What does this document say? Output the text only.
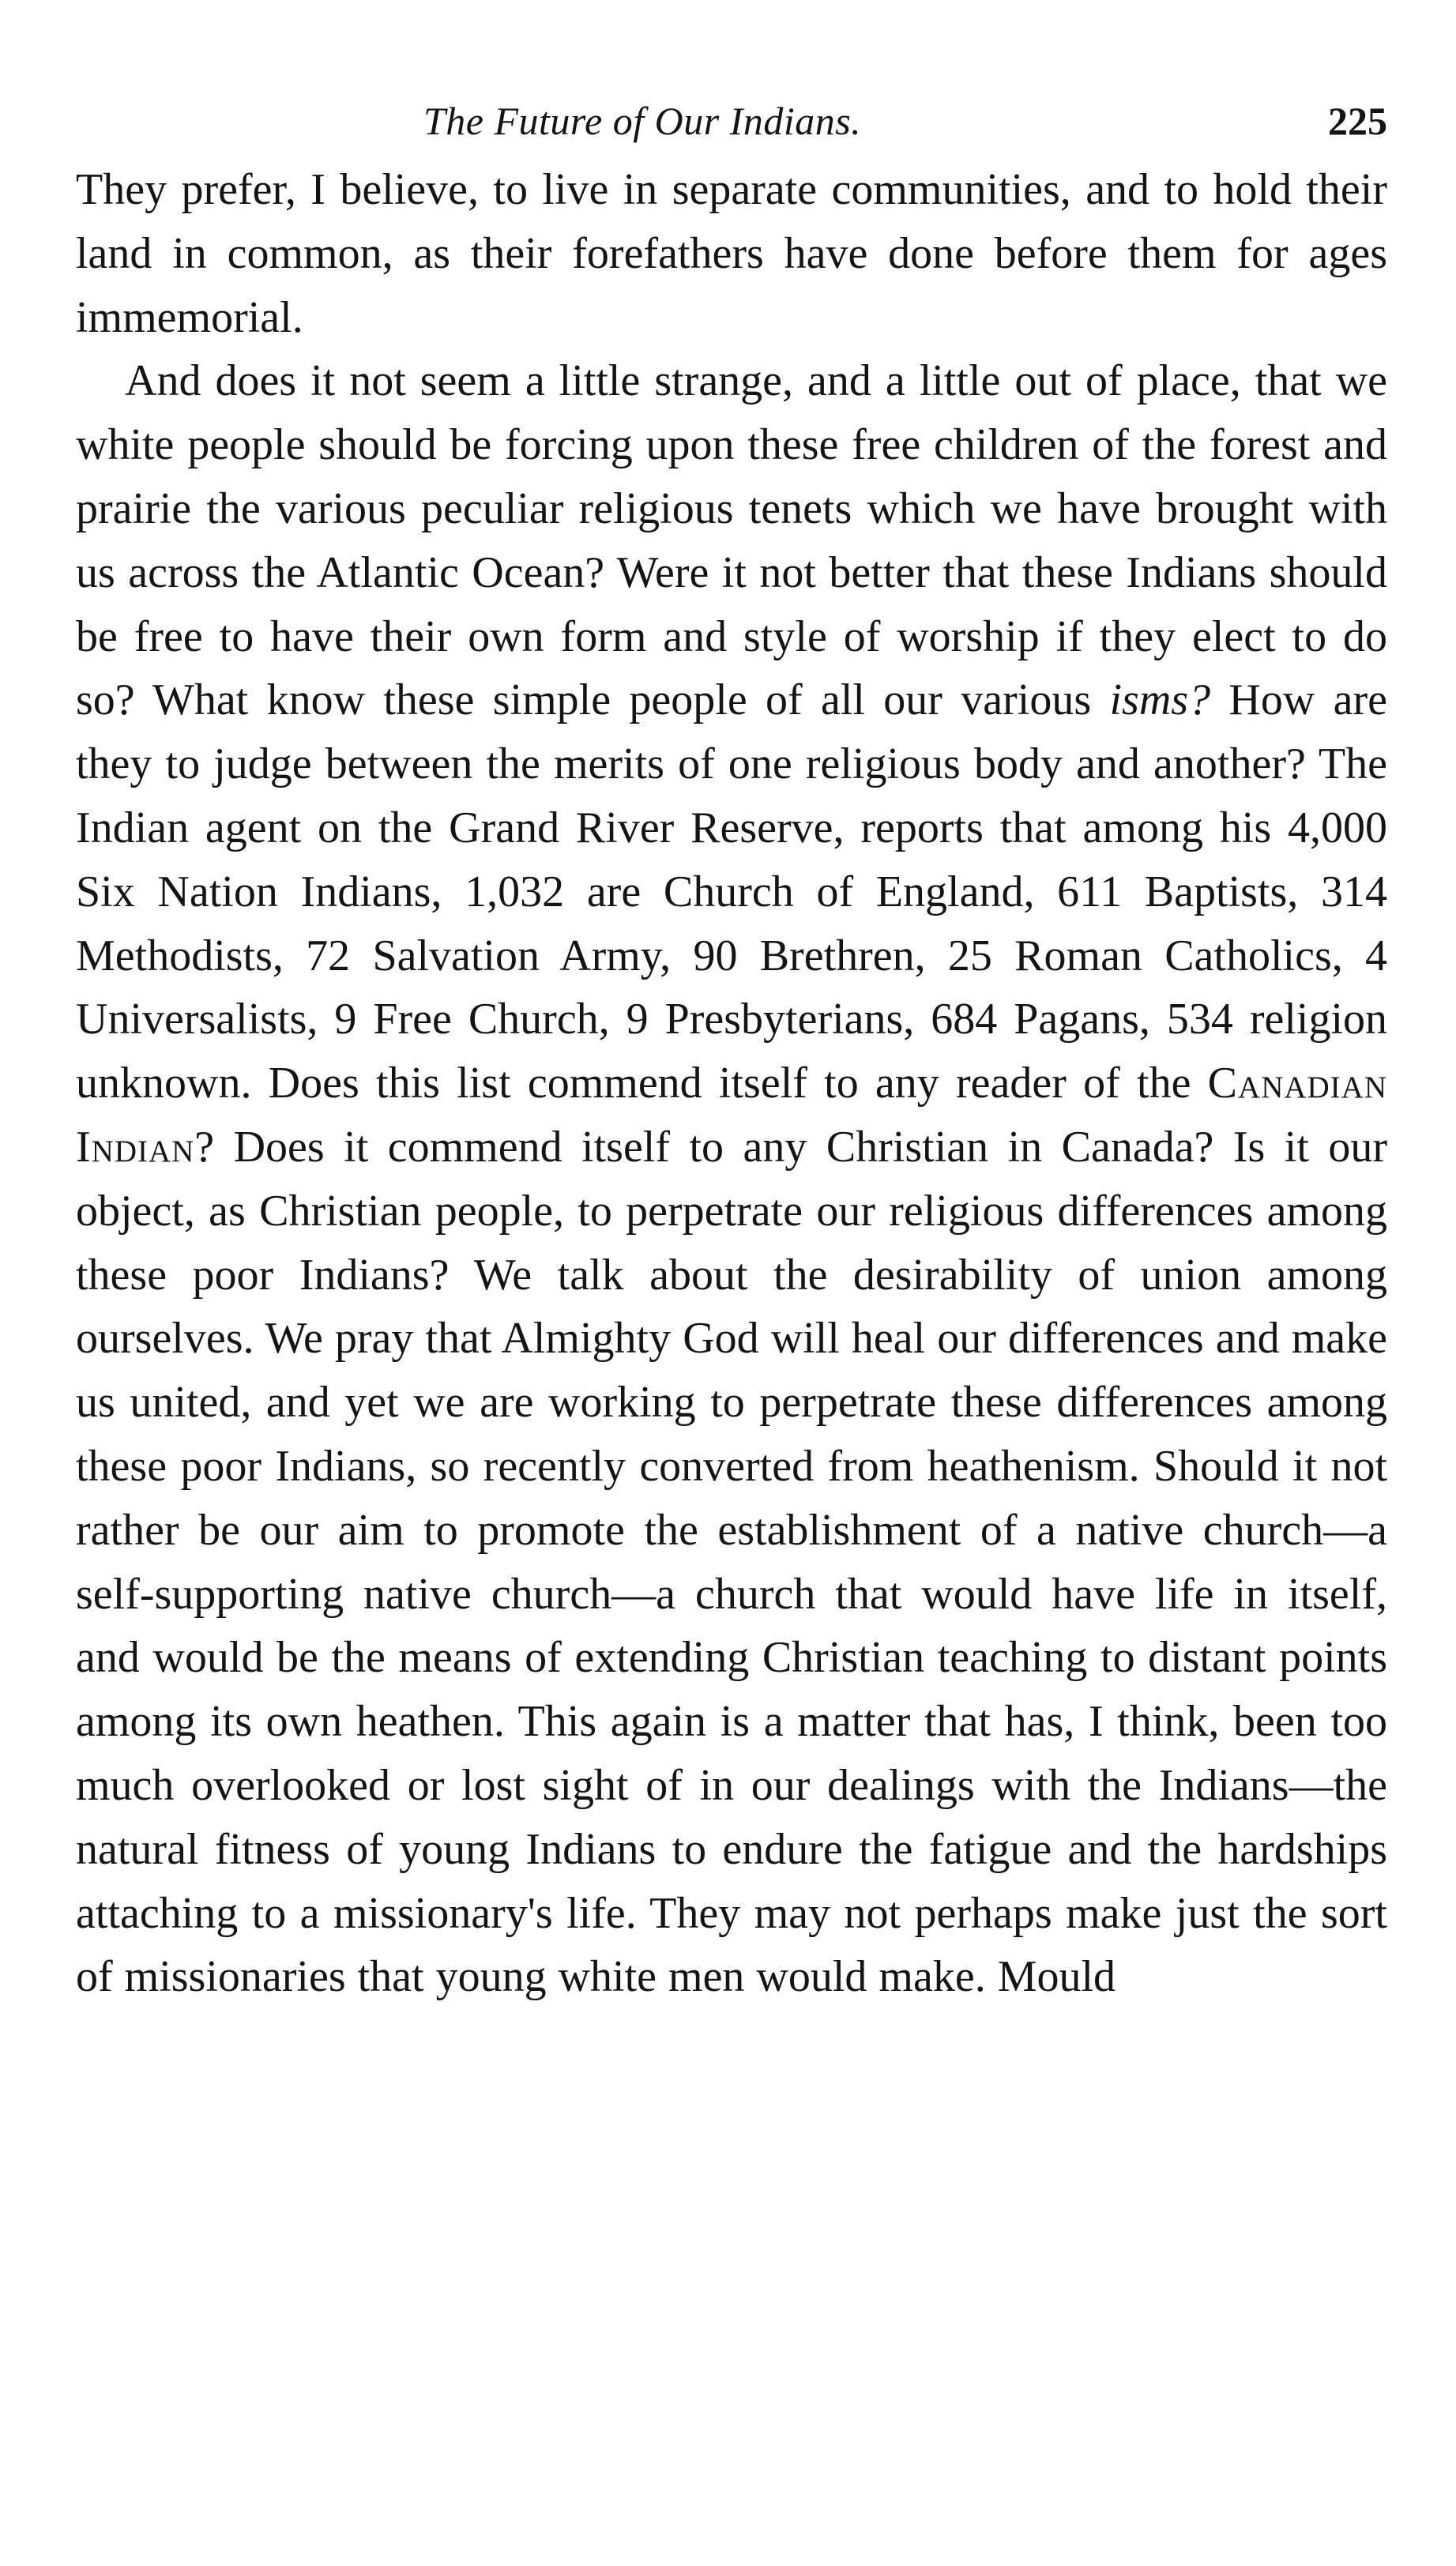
The Future of Our Indians.	225

They prefer, I believe, to live in separate communities, and to hold their land in common, as their forefathers have done before them for ages immemorial.

And does it not seem a little strange, and a little out of place, that we white people should be forcing upon these free children of the forest and prairie the various peculiar religious tenets which we have brought with us across the Atlantic Ocean? Were it not better that these Indians should be free to have their own form and style of worship if they elect to do so? What know these simple people of all our various isms? How are they to judge between the merits of one religious body and another? The Indian agent on the Grand River Reserve, reports that among his 4,000 Six Nation Indians, 1,032 are Church of England, 611 Baptists, 314 Methodists, 72 Salvation Army, 90 Brethren, 25 Roman Catholics, 4 Universalists, 9 Free Church, 9 Presbyterians, 684 Pagans, 534 religion unknown. Does this list commend itself to any reader of the Canadian Indian? Does it commend itself to any Christian in Canada? Is it our object, as Christian people, to perpetrate our religious differences among these poor Indians? We talk about the desirability of union among ourselves. We pray that Almighty God will heal our differences and make us united, and yet we are working to perpetrate these differences among these poor Indians, so recently converted from heathenism. Should it not rather be our aim to promote the establishment of a native church—a self-supporting native church—a church that would have life in itself, and would be the means of extending Christian teaching to distant points among its own heathen. This again is a matter that has, I think, been too much overlooked or lost sight of in our dealings with the Indians—the natural fitness of young Indians to endure the fatigue and the hardships attaching to a missionary's life. They may not perhaps make just the sort of missionaries that young white men would make. Mould
